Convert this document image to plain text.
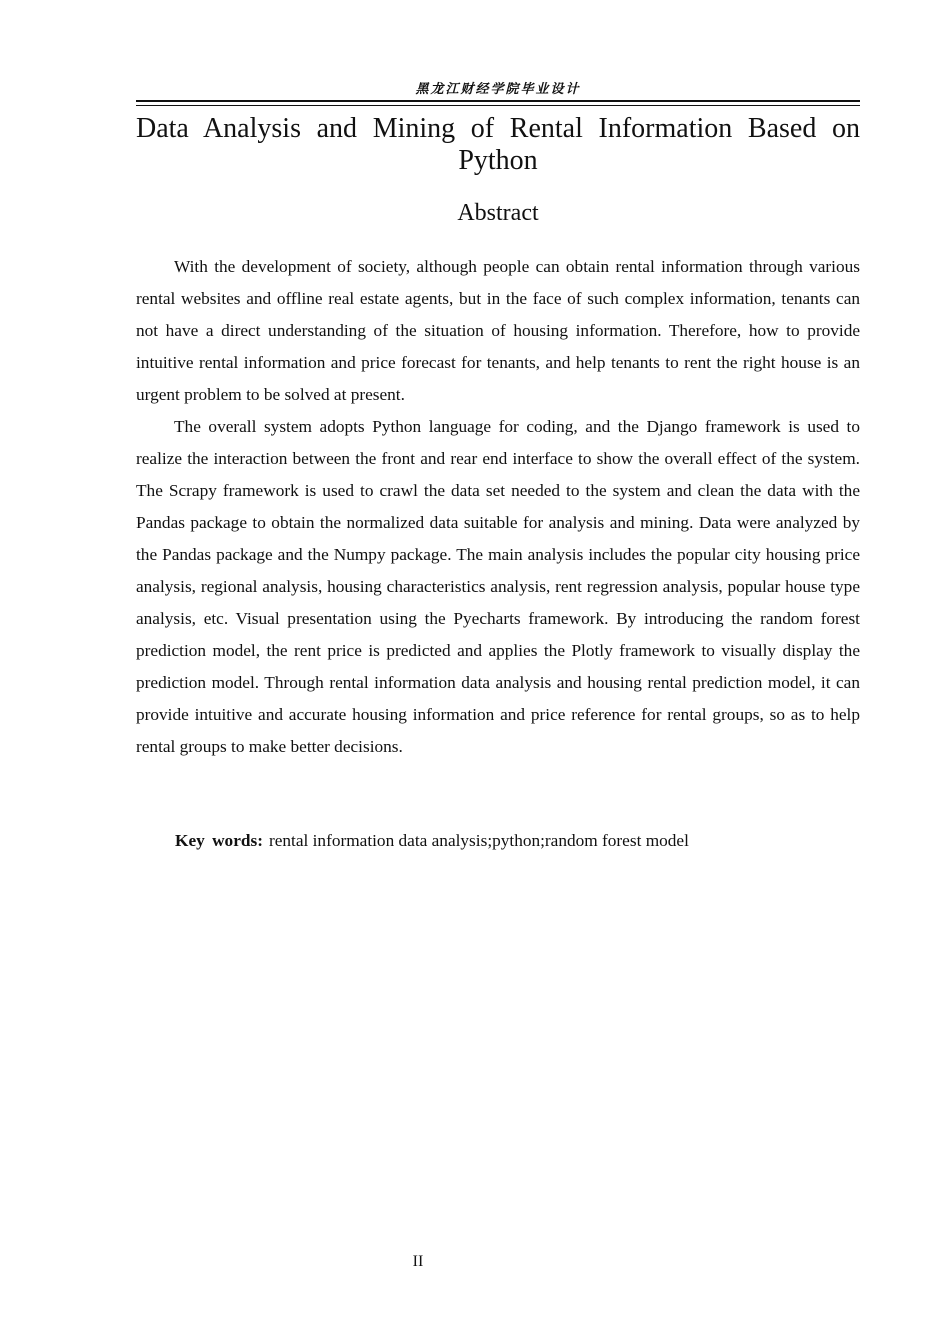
黑龙江财经学院毕业设计
Data Analysis and Mining of Rental Information Based on Python
Abstract

With the development of society, although people can obtain rental information through various rental websites and offline real estate agents, but in the face of such complex information, tenants can not have a direct understanding of the situation of housing information. Therefore, how to provide intuitive rental information and price forecast for tenants, and help tenants to rent the right house is an urgent problem to be solved at present.

The overall system adopts Python language for coding, and the Django framework is used to realize the interaction between the front and rear end interface to show the overall effect of the system. The Scrapy framework is used to crawl the data set needed to the system and clean the data with the Pandas package to obtain the normalized data suitable for analysis and mining. Data were analyzed by the Pandas package and the Numpy package. The main analysis includes the popular city housing price analysis, regional analysis, housing characteristics analysis, rent regression analysis, popular house type analysis, etc. Visual presentation using the Pyecharts framework. By introducing the random forest prediction model, the rent price is predicted and applies the Plotly framework to visually display the prediction model. Through rental information data analysis and housing rental prediction model, it can provide intuitive and accurate housing information and price reference for rental groups, so as to help rental groups to make better decisions.

Key words: rental information data analysis;python;random forest model
II
